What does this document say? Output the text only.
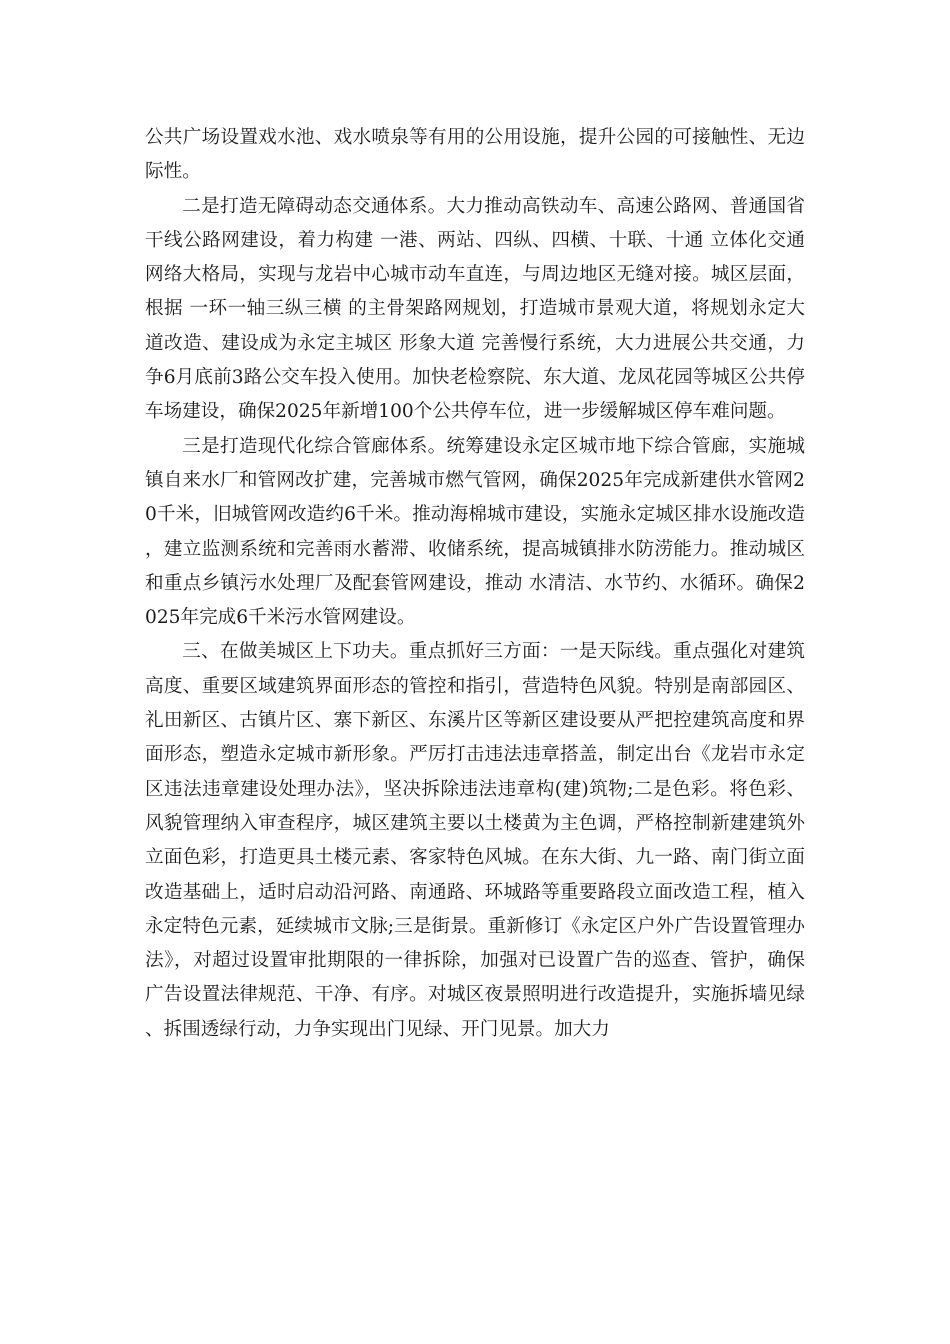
公共广场设置戏水池、戏水喷泉等有用的公用设施，提升公园的可接触性、无边际性。

二是打造无障碍动态交通体系。大力推动高铁动车、高速公路网、普通国省干线公路网建设，着力构建 一港、两站、四纵、四横、十联、十通 立体化交通网络大格局，实现与龙岩中心城市动车直连，与周边地区无缝对接。城区层面，根据 一环一轴三纵三横 的主骨架路网规划，打造城市景观大道，将规划永定大道改造、建设成为永定主城区 形象大道 完善慢行系统，大力进展公共交通，力争6月底前3路公交车投入使用。加快老检察院、东大道、龙凤花园等城区公共停车场建设，确保2025年新增100个公共停车位，进一步缓解城区停车难问题。

三是打造现代化综合管廊体系。统筹建设永定区城市地下综合管廊，实施城镇自来水厂和管网改扩建，完善城市燃气管网，确保2025年完成新建供水管网20千米，旧城管网改造约6千米。推动海棉城市建设，实施永定城区排水设施改造，建立监测系统和完善雨水蓄滞、收储系统，提高城镇排水防涝能力。推动城区和重点乡镇污水处理厂及配套管网建设，推动 水清洁、水节约、水循环。确保2025年完成6千米污水管网建设。

三、在做美城区上下功夫。重点抓好三方面：一是天际线。重点强化对建筑高度、重要区域建筑界面形态的管控和指引，营造特色风貌。特别是南部园区、礼田新区、古镇片区、寨下新区、东溪片区等新区建设要从严把控建筑高度和界面形态，塑造永定城市新形象。严厉打击违法违章搭盖，制定出台《龙岩市永定区违法违章建设处理办法》，坚决拆除违法违章构(建)筑物;二是色彩。将色彩、风貌管理纳入审查程序，城区建筑主要以土楼黄为主色调，严格控制新建建筑外立面色彩，打造更具土楼元素、客家特色风城。在东大街、九一路、南门街立面改造基础上，适时启动沿河路、南通路、环城路等重要路段立面改造工程，植入永定特色元素，延续城市文脉;三是街景。重新修订《永定区户外广告设置管理办法》，对超过设置审批期限的一律拆除，加强对已设置广告的巡查、管护，确保广告设置法律规范、干净、有序。对城区夜景照明进行改造提升，实施拆墙见绿、拆围透绿行动，力争实现出门见绿、开门见景。加大力
